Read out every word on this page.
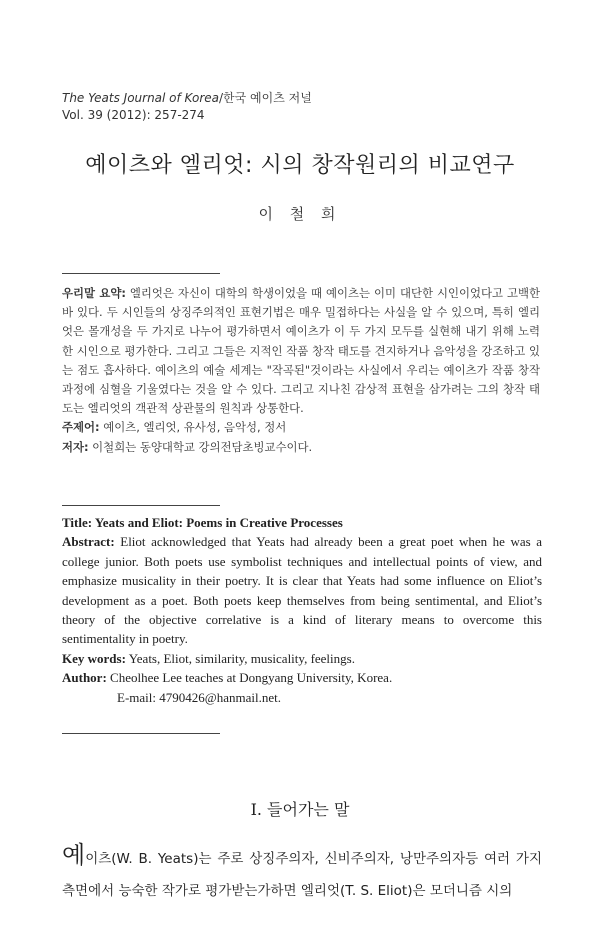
The Yeats Journal of Korea/한국 예이츠 저널
Vol. 39 (2012): 257-274
예이츠와 엘리엇: 시의 창작원리의 비교연구
이 철 희

우리말 요약: 엘리엇은 자신이 대학의 학생이었을 때 예이츠는 이미 대단한 시인이었다고 고백한 바 있다. 두 시인들의 상징주의적인 표현기법은 매우 밀접하다는 사실을 알 수 있으며, 특히 엘리엇은 몰개성을 두 가지로 나누어 평가하면서 예이츠가 이 두 가지 모두를 실현해 내기 위해 노력한 시인으로 평가한다. 그리고 그들은 지적인 작품 창작 태도를 견지하거나 음악성을 강조하고 있는 점도 흡사하다. 예이츠의 예술 세계는 "작곡된"것이라는 사실에서 우리는 예이츠가 작품 창작과정에 심혈을 기울였다는 것을 알 수 있다. 그리고 지나친 감상적 표현을 삼가려는 그의 창작 태도는 엘리엇의 객관적 상관물의 원칙과 상통한다.

주제어: 예이츠, 엘리엇, 유사성, 음악성, 정서

저자: 이철희는 동양대학교 강의전담초빙교수이다.

Title: Yeats and Eliot: Poems in Creative Processes

Abstract: Eliot acknowledged that Yeats had already been a great poet when he was a college junior. Both poets use symbolist techniques and intellectual points of view, and emphasize musicality in their poetry. It is clear that Yeats had some influence on Eliot’s development as a poet. Both poets keep themselves from being sentimental, and Eliot’s theory of the objective correlative is a kind of literary means to overcome this sentimentality in poetry.

Key words: Yeats, Eliot, similarity, musicality, feelings.

Author: Cheolhee Lee teaches at Dongyang University, Korea.

E-mail: 4790426@hanmail.net.

I. 들어가는 말

예이츠(W. B. Yeats)는 주로 상징주의자, 신비주의자, 낭만주의자등 여러 가지 측면에서 능숙한 작가로 평가받는가하면 엘리엇(T. S. Eliot)은 모더니즘 시의
